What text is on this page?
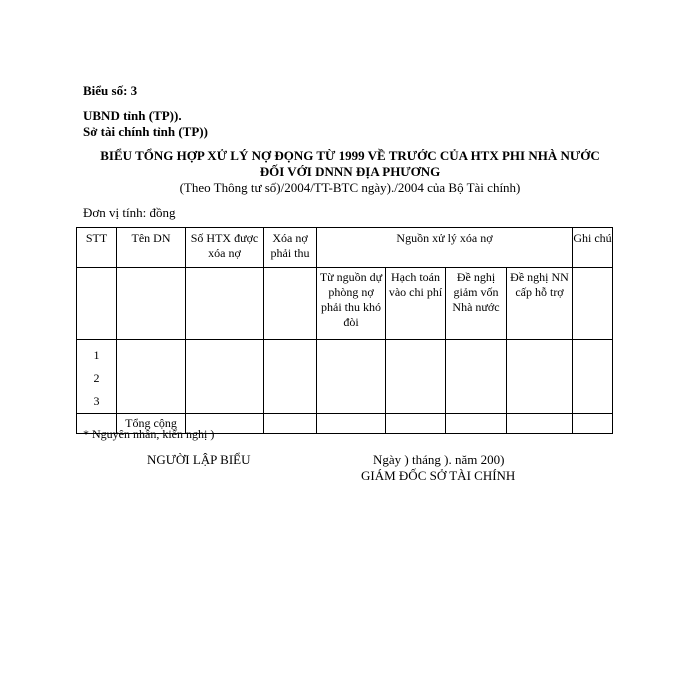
Biểu số: 3
UBND tỉnh (TP)).
Sở tài chính tỉnh (TP))
BIỂU TỔNG HỢP XỬ LÝ NỢ ĐỌNG TỪ 1999 VỀ TRƯỚC CỦA HTX PHI NHÀ NƯỚC
ĐỐI VỚI DNNN ĐỊA PHƯƠNG
(Theo Thông tư số)/2004/TT-BTC ngày)./2004 của Bộ Tài chính)
Đơn vị tính: đồng
STT	Tên DN	Số HTX được xóa nợ	Xóa nợ phải thu	Nguồn xử lý xóa nợ				Ghi chú
				Từ nguồn dự phòng nợ phải thu khó đòi	Hạch toán vào chi phí	Đề nghị giảm vốn Nhà nước	Đề nghị NN cấp hỗ trợ	

1
2
3								

	Tổng cộng							
* Nguyên nhân, kiến nghị )
NGƯỜI LẬP BIỂU	Ngày ) tháng ). năm 200)
GIÁM ĐỐC SỞ TÀI CHÍNH
